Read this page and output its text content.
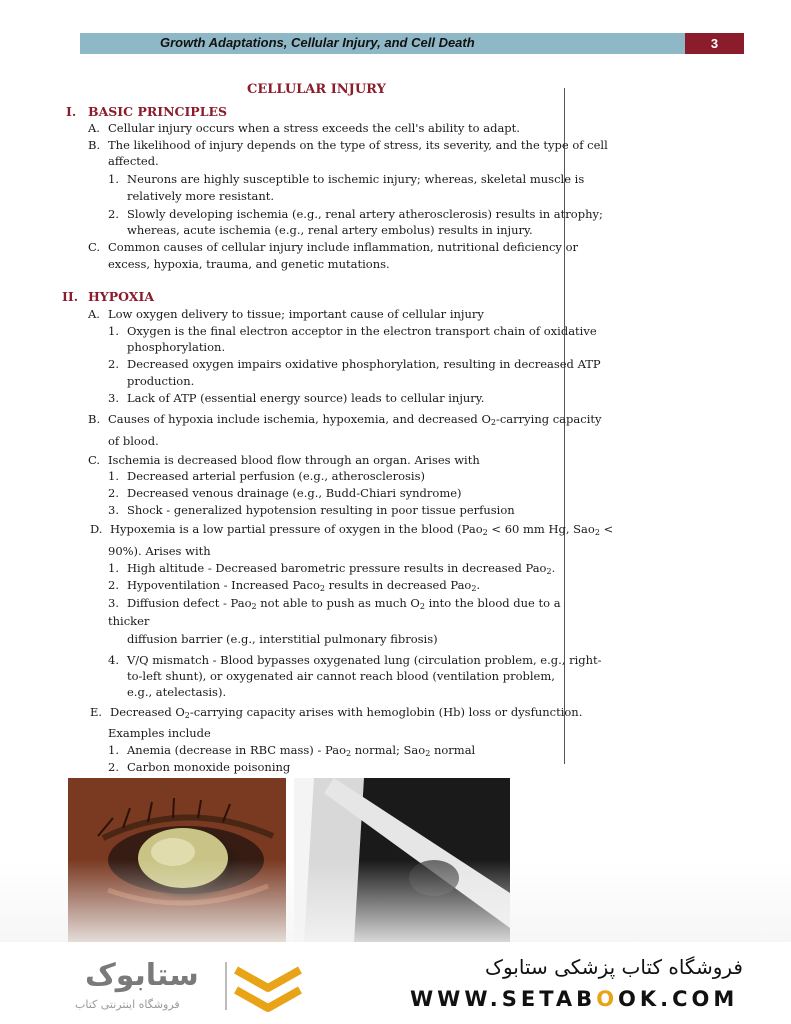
Growth Adaptations, Cellular Injury, and Cell Death	3
CELLULAR INJURY
I. BASIC PRINCIPLES
A. Cellular injury occurs when a stress exceeds the cell's ability to adapt.
B. The likelihood of injury depends on the type of stress, its severity, and the type of cell
affected.
1. Neurons are highly susceptible to ischemic injury; whereas, skeletal muscle is
relatively more resistant.
2. Slowly developing ischemia (e.g., renal artery atherosclerosis) results in atrophy;
whereas, acute ischemia (e.g., renal artery embolus) results in injury.
C. Common causes of cellular injury include inflammation, nutritional deficiency or
excess, hypoxia, trauma, and genetic mutations.
II. HYPOXIA
A. Low oxygen delivery to tissue; important cause of cellular injury
1. Oxygen is the final electron acceptor in the electron transport chain of oxidative
phosphorylation.
2. Decreased oxygen impairs oxidative phosphorylation, resulting in decreased ATP
production.
3. Lack of ATP (essential energy source) leads to cellular injury.
B. Causes of hypoxia include ischemia, hypoxemia, and decreased $O_2$-carrying capacity
of blood.
C. Ischemia is decreased blood flow through an organ. Arises with
1. Decreased arterial perfusion (e.g., atherosclerosis)
2. Decreased venous drainage (e.g., Budd-Chiari syndrome)
3. Shock - generalized hypotension resulting in poor tissue perfusion
D. Hypoxemia is a low partial pressure of oxygen in the blood (Pao$_2$ < 60 mm Hg, Sao$_2$ <
90%). Arises with
1. High altitude - Decreased barometric pressure results in decreased Pao$_2$.
2. Hypoventilation - Increased Paco$_2$ results in decreased Pao$_2$.
3. Diffusion defect - Pao$_2$ not able to push as much $O_2$ into the blood due to a
thicker
diffusion barrier (e.g., interstitial pulmonary fibrosis)
4. V/Q mismatch - Blood bypasses oxygenated lung (circulation problem, e.g., right-
to-left shunt), or oxygenated air cannot reach blood (ventilation problem,
e.g., atelectasis).
E. Decreased $O_2$-carrying capacity arises with hemoglobin (Hb) loss or dysfunction.
Examples include
1. Anemia (decrease in RBC mass) - Pao$_2$ normal; Sao$_2$ normal
2. Carbon monoxide poisoning
ستابوک
فروشگاه اینترنتی کتاب
فروشگاه کتاب پزشکی ستابوک
WWW.SETABOOK.COM
